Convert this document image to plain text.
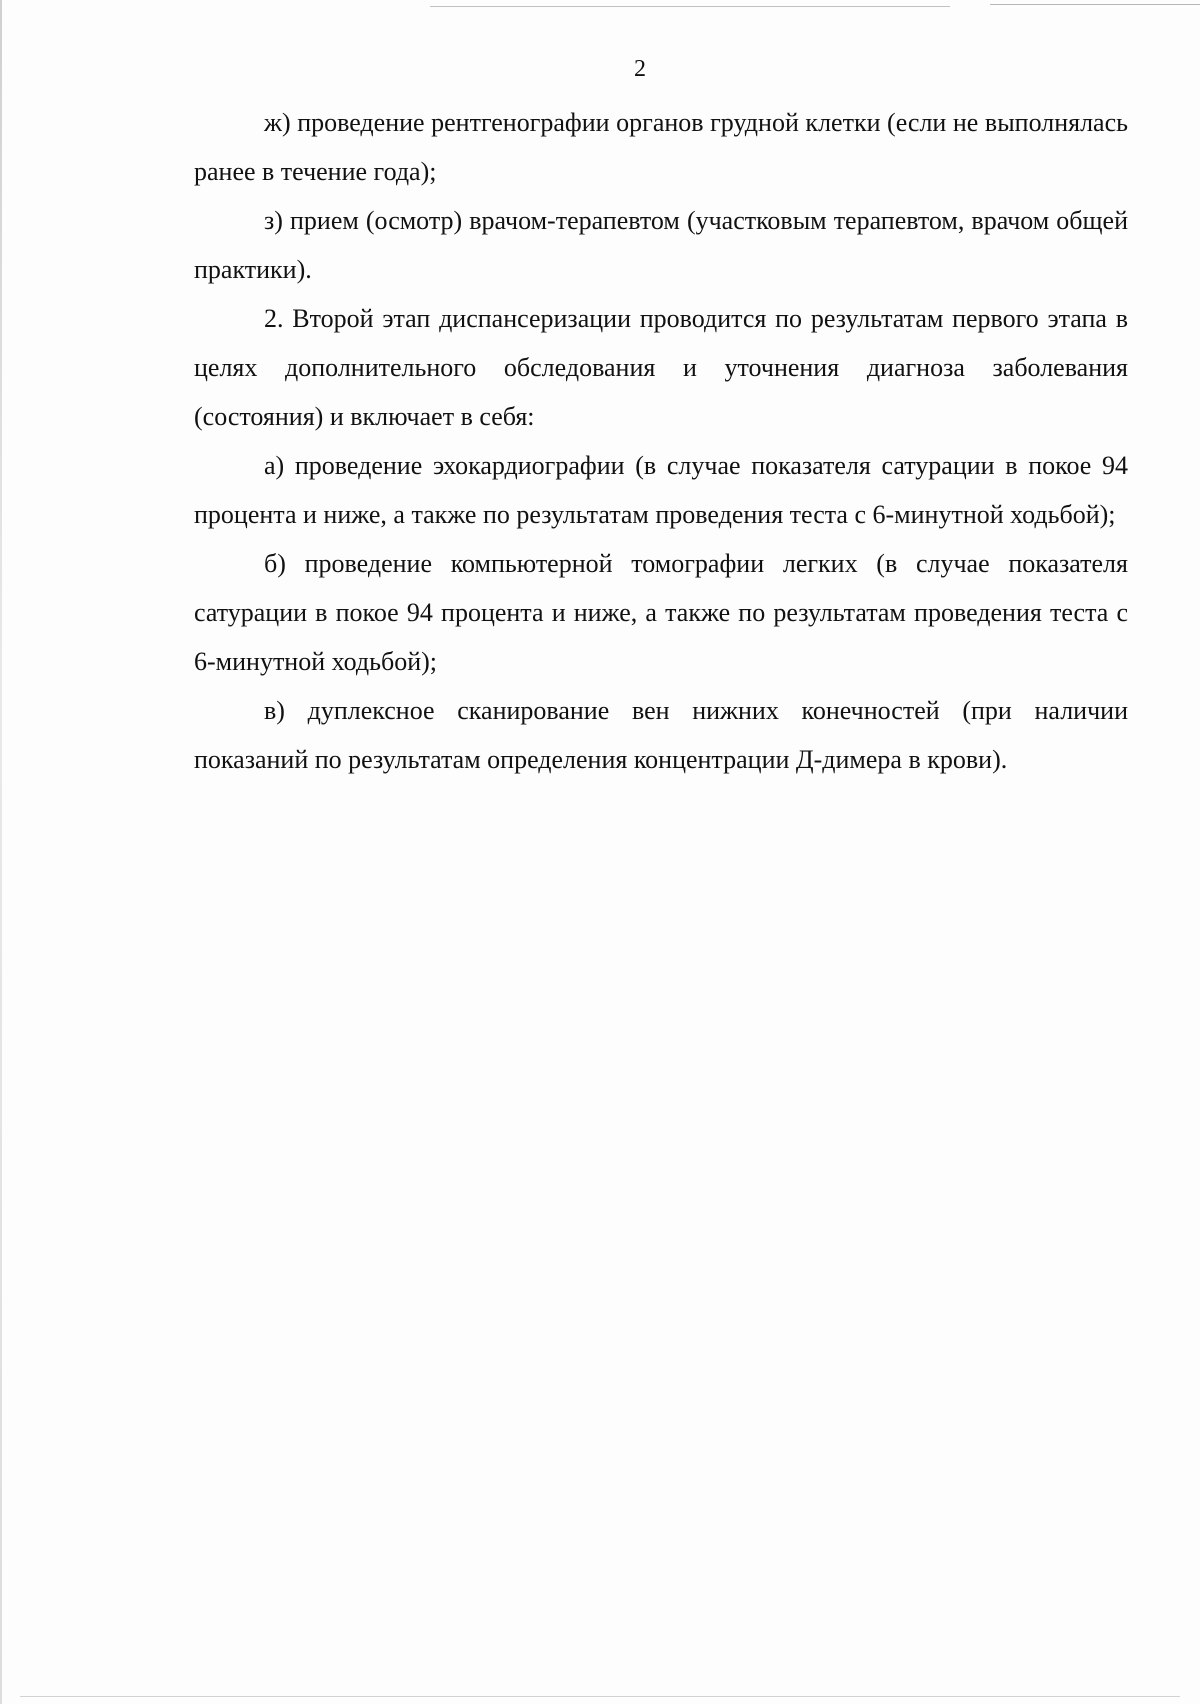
2

ж) проведение рентгенографии органов грудной клетки (если не выполнялась ранее в течение года);

з) прием (осмотр) врачом-терапевтом (участковым терапевтом, врачом общей практики).

2. Второй этап диспансеризации проводится по результатам первого этапа в целях дополнительного обследования и уточнения диагноза заболевания (состояния) и включает в себя:

а) проведение эхокардиографии (в случае показателя сатурации в покое 94 процента и ниже, а также по результатам проведения теста с 6-минутной ходьбой);

б) проведение компьютерной томографии легких (в случае показателя сатурации в покое 94 процента и ниже, а также по результатам проведения теста с 6-минутной ходьбой);

в) дуплексное сканирование вен нижних конечностей (при наличии показаний по результатам определения концентрации Д-димера в крови).
